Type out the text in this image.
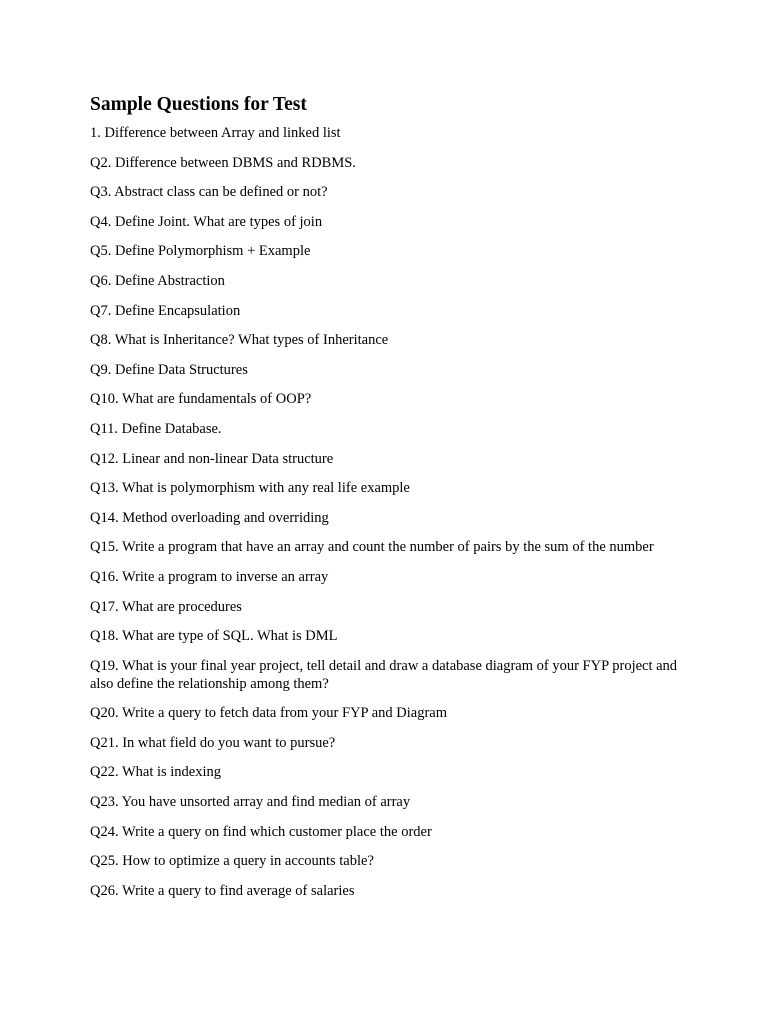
Sample Questions for Test
1. Difference between Array and linked list
Q2. Difference between DBMS and RDBMS.
Q3. Abstract class can be defined or not?
Q4. Define Joint. What are types of join
Q5. Define Polymorphism + Example
Q6. Define Abstraction
Q7. Define Encapsulation
Q8. What is Inheritance? What types of Inheritance
Q9. Define Data Structures
Q10. What are fundamentals of OOP?
Q11. Define Database.
Q12. Linear and non-linear Data structure
Q13. What is polymorphism with any real life example
Q14. Method overloading and overriding
Q15. Write a program that have an array and count the number of pairs by the sum of the number
Q16. Write a program to inverse an array
Q17. What are procedures
Q18. What are type of SQL. What is DML
Q19. What is your final year project, tell detail and draw a database diagram of your FYP project and also define the relationship among them?
Q20. Write a query to fetch data from your FYP and Diagram
Q21. In what field do you want to pursue?
Q22. What is indexing
Q23. You have unsorted array and find median of array
Q24. Write a query on find which customer place the order
Q25. How to optimize a query in accounts table?
Q26. Write a query to find average of salaries
